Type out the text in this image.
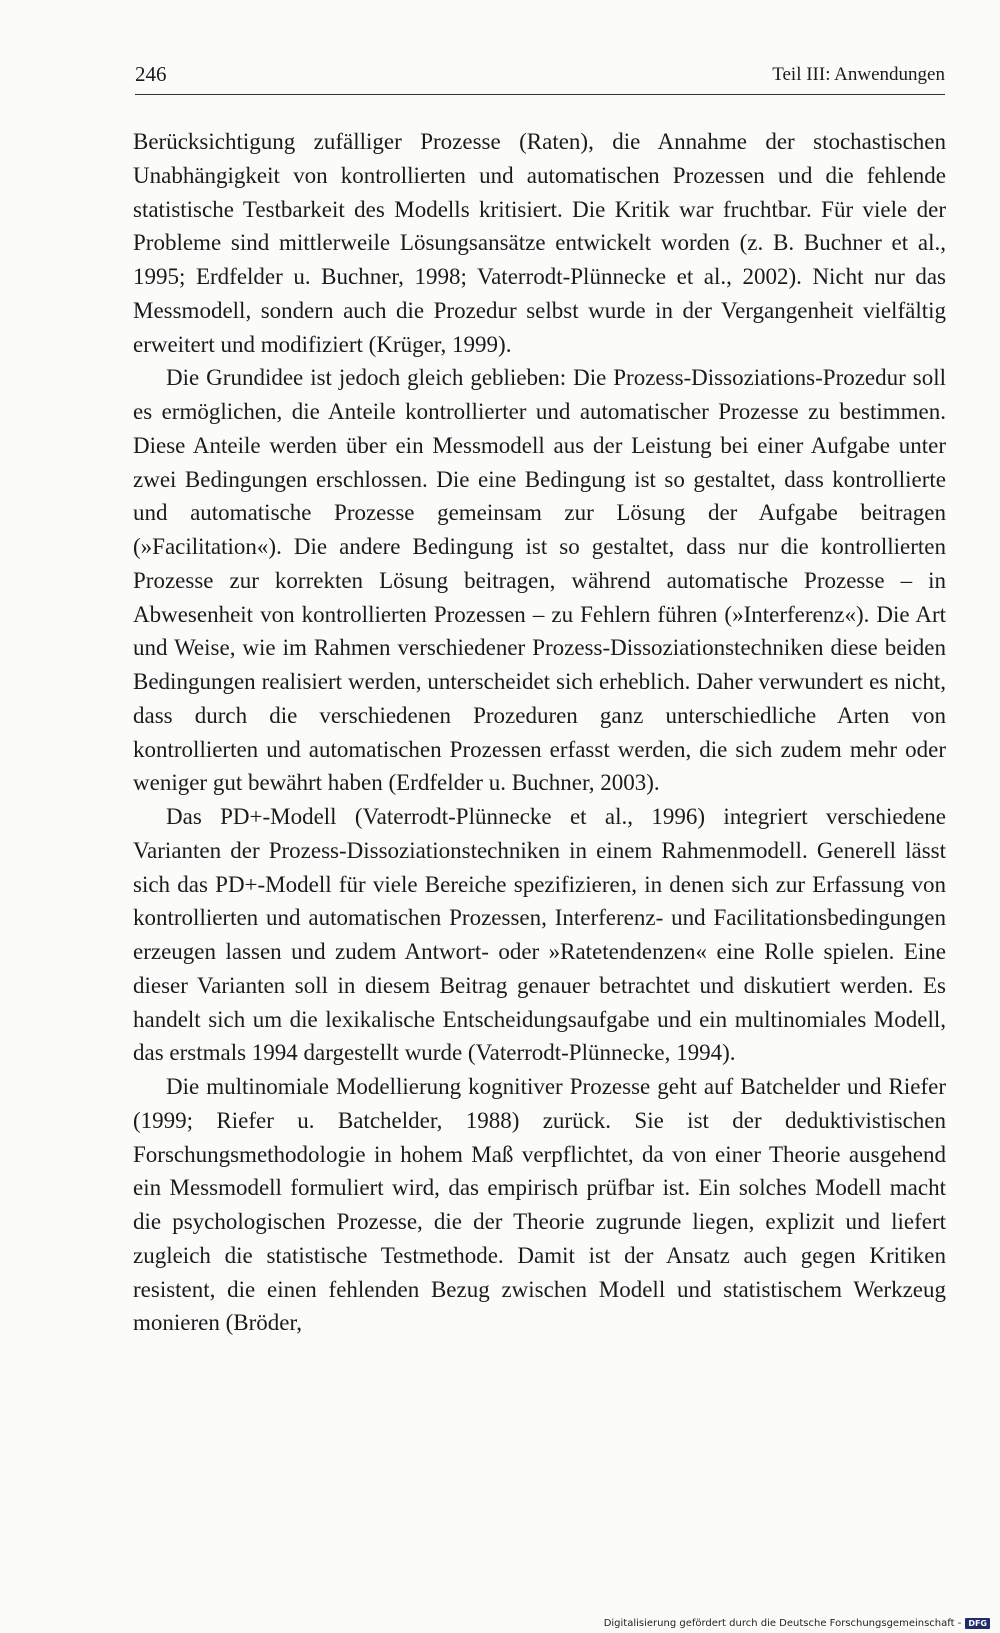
246	Teil III: Anwendungen

Berücksichtigung zufälliger Prozesse (Raten), die Annahme der stochastischen Unabhängigkeit von kontrollierten und automatischen Prozessen und die fehlende statistische Testbarkeit des Modells kritisiert. Die Kritik war fruchtbar. Für viele der Probleme sind mittlerweile Lösungsansätze entwickelt worden (z. B. Buchner et al., 1995; Erdfelder u. Buchner, 1998; Vaterrodt-Plünnecke et al., 2002). Nicht nur das Messmodell, sondern auch die Prozedur selbst wurde in der Vergangenheit vielfältig erweitert und modifiziert (Krüger, 1999).

Die Grundidee ist jedoch gleich geblieben: Die Prozess-Dissoziations-Prozedur soll es ermöglichen, die Anteile kontrollierter und automatischer Prozesse zu bestimmen. Diese Anteile werden über ein Messmodell aus der Leistung bei einer Aufgabe unter zwei Bedingungen erschlossen. Die eine Bedingung ist so gestaltet, dass kontrollierte und automatische Prozesse gemeinsam zur Lösung der Aufgabe beitragen (»Facilitation«). Die andere Bedingung ist so gestaltet, dass nur die kontrollierten Prozesse zur korrekten Lösung beitragen, während automatische Prozesse – in Abwesenheit von kontrollierten Prozessen – zu Fehlern führen (»Interferenz«). Die Art und Weise, wie im Rahmen verschiedener Prozess-Dissoziationstechniken diese beiden Bedingungen realisiert werden, unterscheidet sich erheblich. Daher verwundert es nicht, dass durch die verschiedenen Prozeduren ganz unterschiedliche Arten von kontrollierten und automatischen Prozessen erfasst werden, die sich zudem mehr oder weniger gut bewährt haben (Erdfelder u. Buchner, 2003).

Das PD+-Modell (Vaterrodt-Plünnecke et al., 1996) integriert verschiedene Varianten der Prozess-Dissoziationstechniken in einem Rahmenmodell. Generell lässt sich das PD+-Modell für viele Bereiche spezifizieren, in denen sich zur Erfassung von kontrollierten und automatischen Prozessen, Interferenz- und Facilitationsbedingungen erzeugen lassen und zudem Antwort- oder »Ratetendenzen« eine Rolle spielen. Eine dieser Varianten soll in diesem Beitrag genauer betrachtet und diskutiert werden. Es handelt sich um die lexikalische Entscheidungsaufgabe und ein multinomiales Modell, das erstmals 1994 dargestellt wurde (Vaterrodt-Plünnecke, 1994).

Die multinomiale Modellierung kognitiver Prozesse geht auf Batchelder und Riefer (1999; Riefer u. Batchelder, 1988) zurück. Sie ist der deduktivistischen Forschungsmethodologie in hohem Maß verpflichtet, da von einer Theorie ausgehend ein Messmodell formuliert wird, das empirisch prüfbar ist. Ein solches Modell macht die psychologischen Prozesse, die der Theorie zugrunde liegen, explizit und liefert zugleich die statistische Testmethode. Damit ist der Ansatz auch gegen Kritiken resistent, die einen fehlenden Bezug zwischen Modell und statistischem Werkzeug monieren (Bröder,

Digitalisierung gefördert durch die Deutsche Forschungsgemeinschaft - DFG
